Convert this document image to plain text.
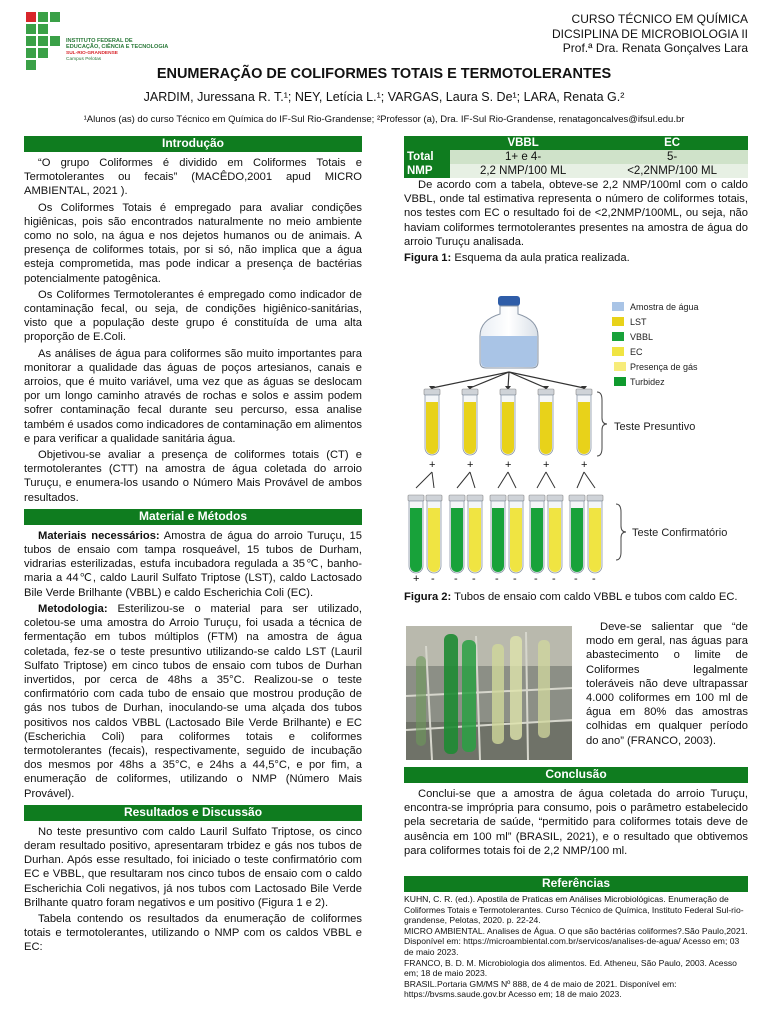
INSTITUTO FEDERAL DE
EDUCAÇÃO, CIÊNCIA E TECNOLOGIA
SUL-RIO-GRANDENSE
Campus Pelotas
CURSO TÉCNICO EM QUÍMICA
DICSIPLINA DE MICROBIOLOGIA II
Prof.ª Dra. Renata Gonçalves Lara
ENUMERAÇÃO DE COLIFORMES TOTAIS E TERMOTOLERANTES
JARDIM, Juressana R. T.¹; NEY, Letícia L.¹; VARGAS, Laura S. De¹; LARA, Renata G.²
¹Alunos (as) do curso Técnico em Química do IF-Sul Rio-Grandense; ²Professor (a), Dra. IF-Sul Rio-Grandense, renatagoncalves@ifsul.edu.br
Introdução

“O grupo Coliformes é dividido em Coliformes Totais e Termotolerantes ou fecais” (MACÊDO,2001 apud MICRO AMBIENTAL, 2021 ).

Os Coliformes Totais é empregado para avaliar condições higiênicas, pois são encontrados naturalmente no meio ambiente como no solo, na água e nos dejetos humanos ou de animais. A presença de coliformes totais, por si só, não implica que a água esteja comprometida, mas pode indicar a presença de bactérias potencialmente patogênica.

Os Coliformes Termotolerantes é empregado como indicador de contaminação fecal, ou seja, de condições higiênico-sanitárias, visto que a população deste grupo é constituída de uma alta proporção de E.Coli.

As análises de água para coliformes são muito importantes para monitorar a qualidade das águas de poços artesianos, canais e arroios, que é muito variável, uma vez que as águas se deslocam por um longo caminho através de rochas e solos e assim podem sofrer contaminação fecal durante seu percurso, essa analise também é usados como indicadores de contaminação em alimentos e para verificar a qualidade sanitária água.

Objetivou-se avaliar a presença de coliformes totais (CT) e termotolerantes (CTT) na amostra de água coletada do arroio Turuçu, e enumera-los usando o Número Mais Provável de ambos resultados.

Material e Métodos

Materiais necessários: Amostra de água do arroio Turuçu, 15 tubos de ensaio com tampa rosqueável, 15 tubos de Durham, vidrarias esterilizadas, estufa incubadora regulada a 35℃, banho-maria a 44℃, caldo Lauril Sulfato Triptose (LST), caldo Lactosado Bile Verde Brilhante (VBBL) e caldo Escherichia Coli (EC).

Metodologia: Esterilizou-se o material para ser utilizado, coletou-se uma amostra do Arroio Turuçu, foi usada a técnica de fermentação em tubos múltiplos (FTM) na amostra de água coletada, fez-se o teste presuntivo utilizando-se caldo LST (Lauril Sulfato Triptose) em cinco tubos de ensaio com tubos de Durhan invertidos, por cerca de 48hs a 35°C. Realizou-se o teste confirmatório com cada tubo de ensaio que mostrou produção de gás nos tubos de Durhan, inoculando-se uma alçada dos tubos positivos nos caldos VBBL (Lactosado Bile Verde Brilhante) e EC (Escherichia Coli) para coliformes totais e coliformes termotolerantes (fecais), respectivamente, seguido de incubação dos mesmos por 48hs a 35°C, e 24hs a 44,5°C, e por fim, a enumeração de coliformes, utilizando o NMP (Número Mais Provável).

Resultados e Discussão

No teste presuntivo com caldo Lauril Sulfato Triptose, os cinco deram resultado positivo, apresentaram trbidez e gás nos tubos de Durhan. Após esse resultado, foi iniciado o teste confirmatório com EC e VBBL, que resultaram nos cinco tubos de ensaio com o caldo Escherichia Coli negativos, já nos tubos com Lactosado Bile Verde Brilhante quatro foram negativos e um positivo (Figura 1 e 2).

Tabela contendo os resultados da enumeração de coliformes totais e termotolerantes, utilizando o NMP com os caldos VBBL e EC:

	VBBL	EC
Total	1+ e 4-	5-
NMP	2,2 NMP/100 ML	<2,2NMP/100 ML

De acordo com a tabela, obteve-se 2,2 NMP/100ml com o caldo VBBL, onde tal estimativa representa o número de coliformes totais, nos testes com EC o resultado foi de <2,2NMP/100ML, ou seja, não haviam coliformes termotolerantes presentes na amostra de água do arroio Turuçu analisada.

Figura 1: Esquema da aula pratica realizada.

+	+	+	+	+
+ - - - - - - - - -
Amostra de água
LST
VBBL
EC
Presença de gás
Turbidez
Teste Presuntivo
Teste Confirmatório

Figura 2: Tubos de ensaio com caldo VBBL e tubos com caldo EC.

Deve-se salientar que “de modo em geral, nas águas para abastecimento o limite de Coliformes legalmente toleráveis não deve ultrapassar 4.000 coliformes em 100 ml de água em 80% das amostras colhidas em qualquer período do ano” (FRANCO, 2003).

Conclusão

Conclui-se que a amostra de água coletada do arroio Turuçu, encontra-se imprópria para consumo, pois o parâmetro estabelecido pela secretaria de saúde, “permitido para coliformes totais deve de ausência em 100 ml” (BRASIL, 2021), e o resultado que obtivemos para coliformes totais foi de 2,2 NMP/100 ml.

Referências

KUHN, C. R. (ed.). Apostila de Praticas em Análises Microbiológicas. Enumeração de Coliformes Totais e Termotolerantes. Curso Técnico de Química, Instituto Federal Sul-rio-grandense, Pelotas, 2020. p. 22-24.

MICRO AMBIENTAL. Analises de Água. O que são bactérias coliformes?.São Paulo,2021. Disponível em: https://microambiental.com.br/servicos/analises-de-agua/ Acesso em; 03 de maio 2023.

FRANCO, B. D. M. Microbiologia dos alimentos. Ed. Atheneu, São Paulo, 2003. Acesso em; 18 de maio 2023.

BRASIL.Portaria GM/MS Nº 888, de 4 de maio de 2021. Disponível em: https://bvsms.saude.gov.br Acesso em; 18 de maio 2023.
